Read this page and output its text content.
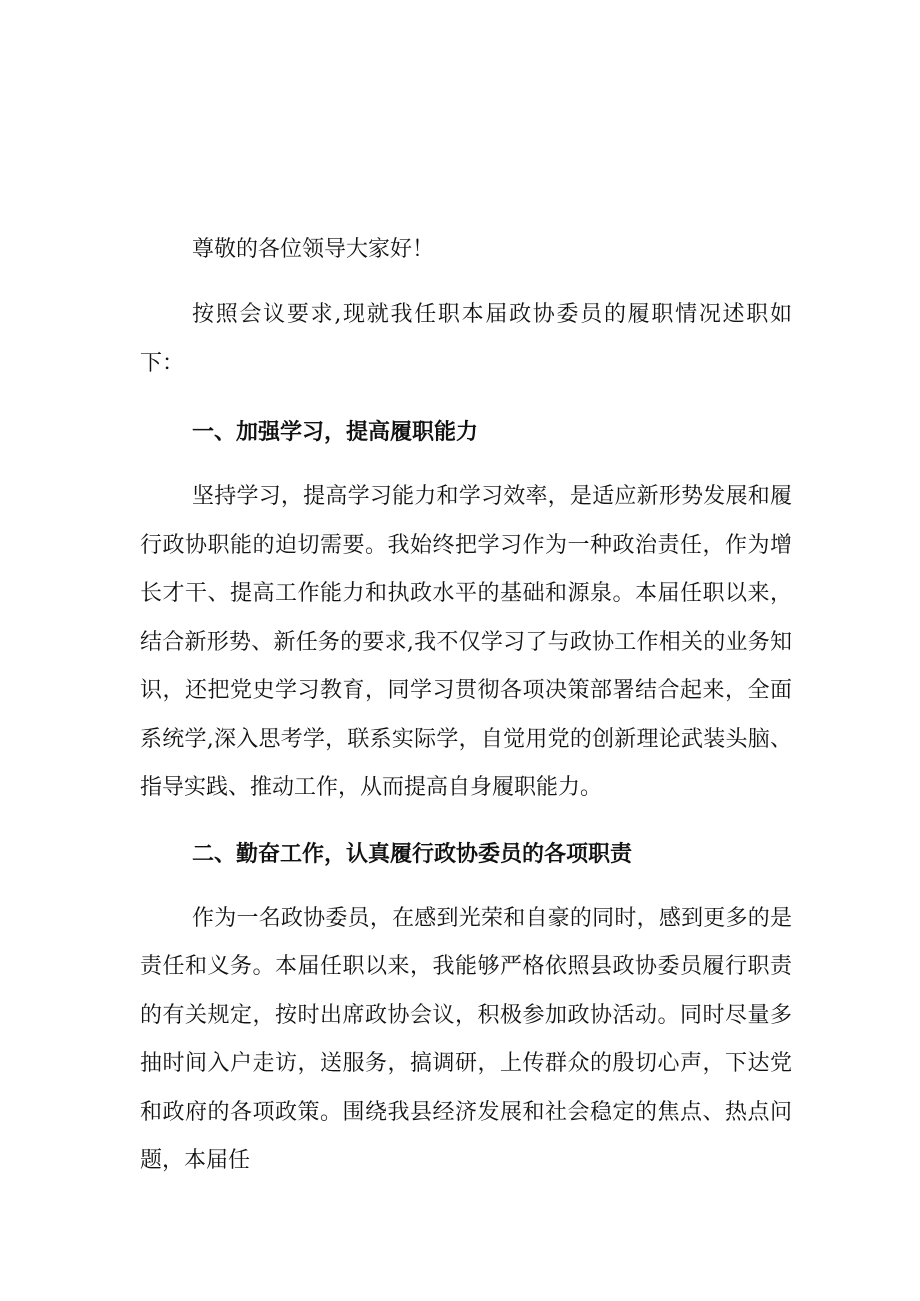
尊敬的各位领导大家好！

按照会议要求,现就我任职本届政协委员的履职情况述职如下：

一、加强学习，提高履职能力

坚持学习，提高学习能力和学习效率，是适应新形势发展和履行政协职能的迫切需要。我始终把学习作为一种政治责任，作为增长才干、提高工作能力和执政水平的基础和源泉。本届任职以来，结合新形势、新任务的要求,我不仅学习了与政协工作相关的业务知识，还把党史学习教育，同学习贯彻各项决策部署结合起来，全面系统学,深入思考学，联系实际学，自觉用党的创新理论武装头脑、指导实践、推动工作，从而提高自身履职能力。

二、勤奋工作，认真履行政协委员的各项职责

作为一名政协委员，在感到光荣和自豪的同时，感到更多的是责任和义务。本届任职以来，我能够严格依照县政协委员履行职责的有关规定，按时出席政协会议，积极参加政协活动。同时尽量多抽时间入户走访，送服务，搞调研，上传群众的殷切心声，下达党和政府的各项政策。围绕我县经济发展和社会稳定的焦点、热点问题，本届任
